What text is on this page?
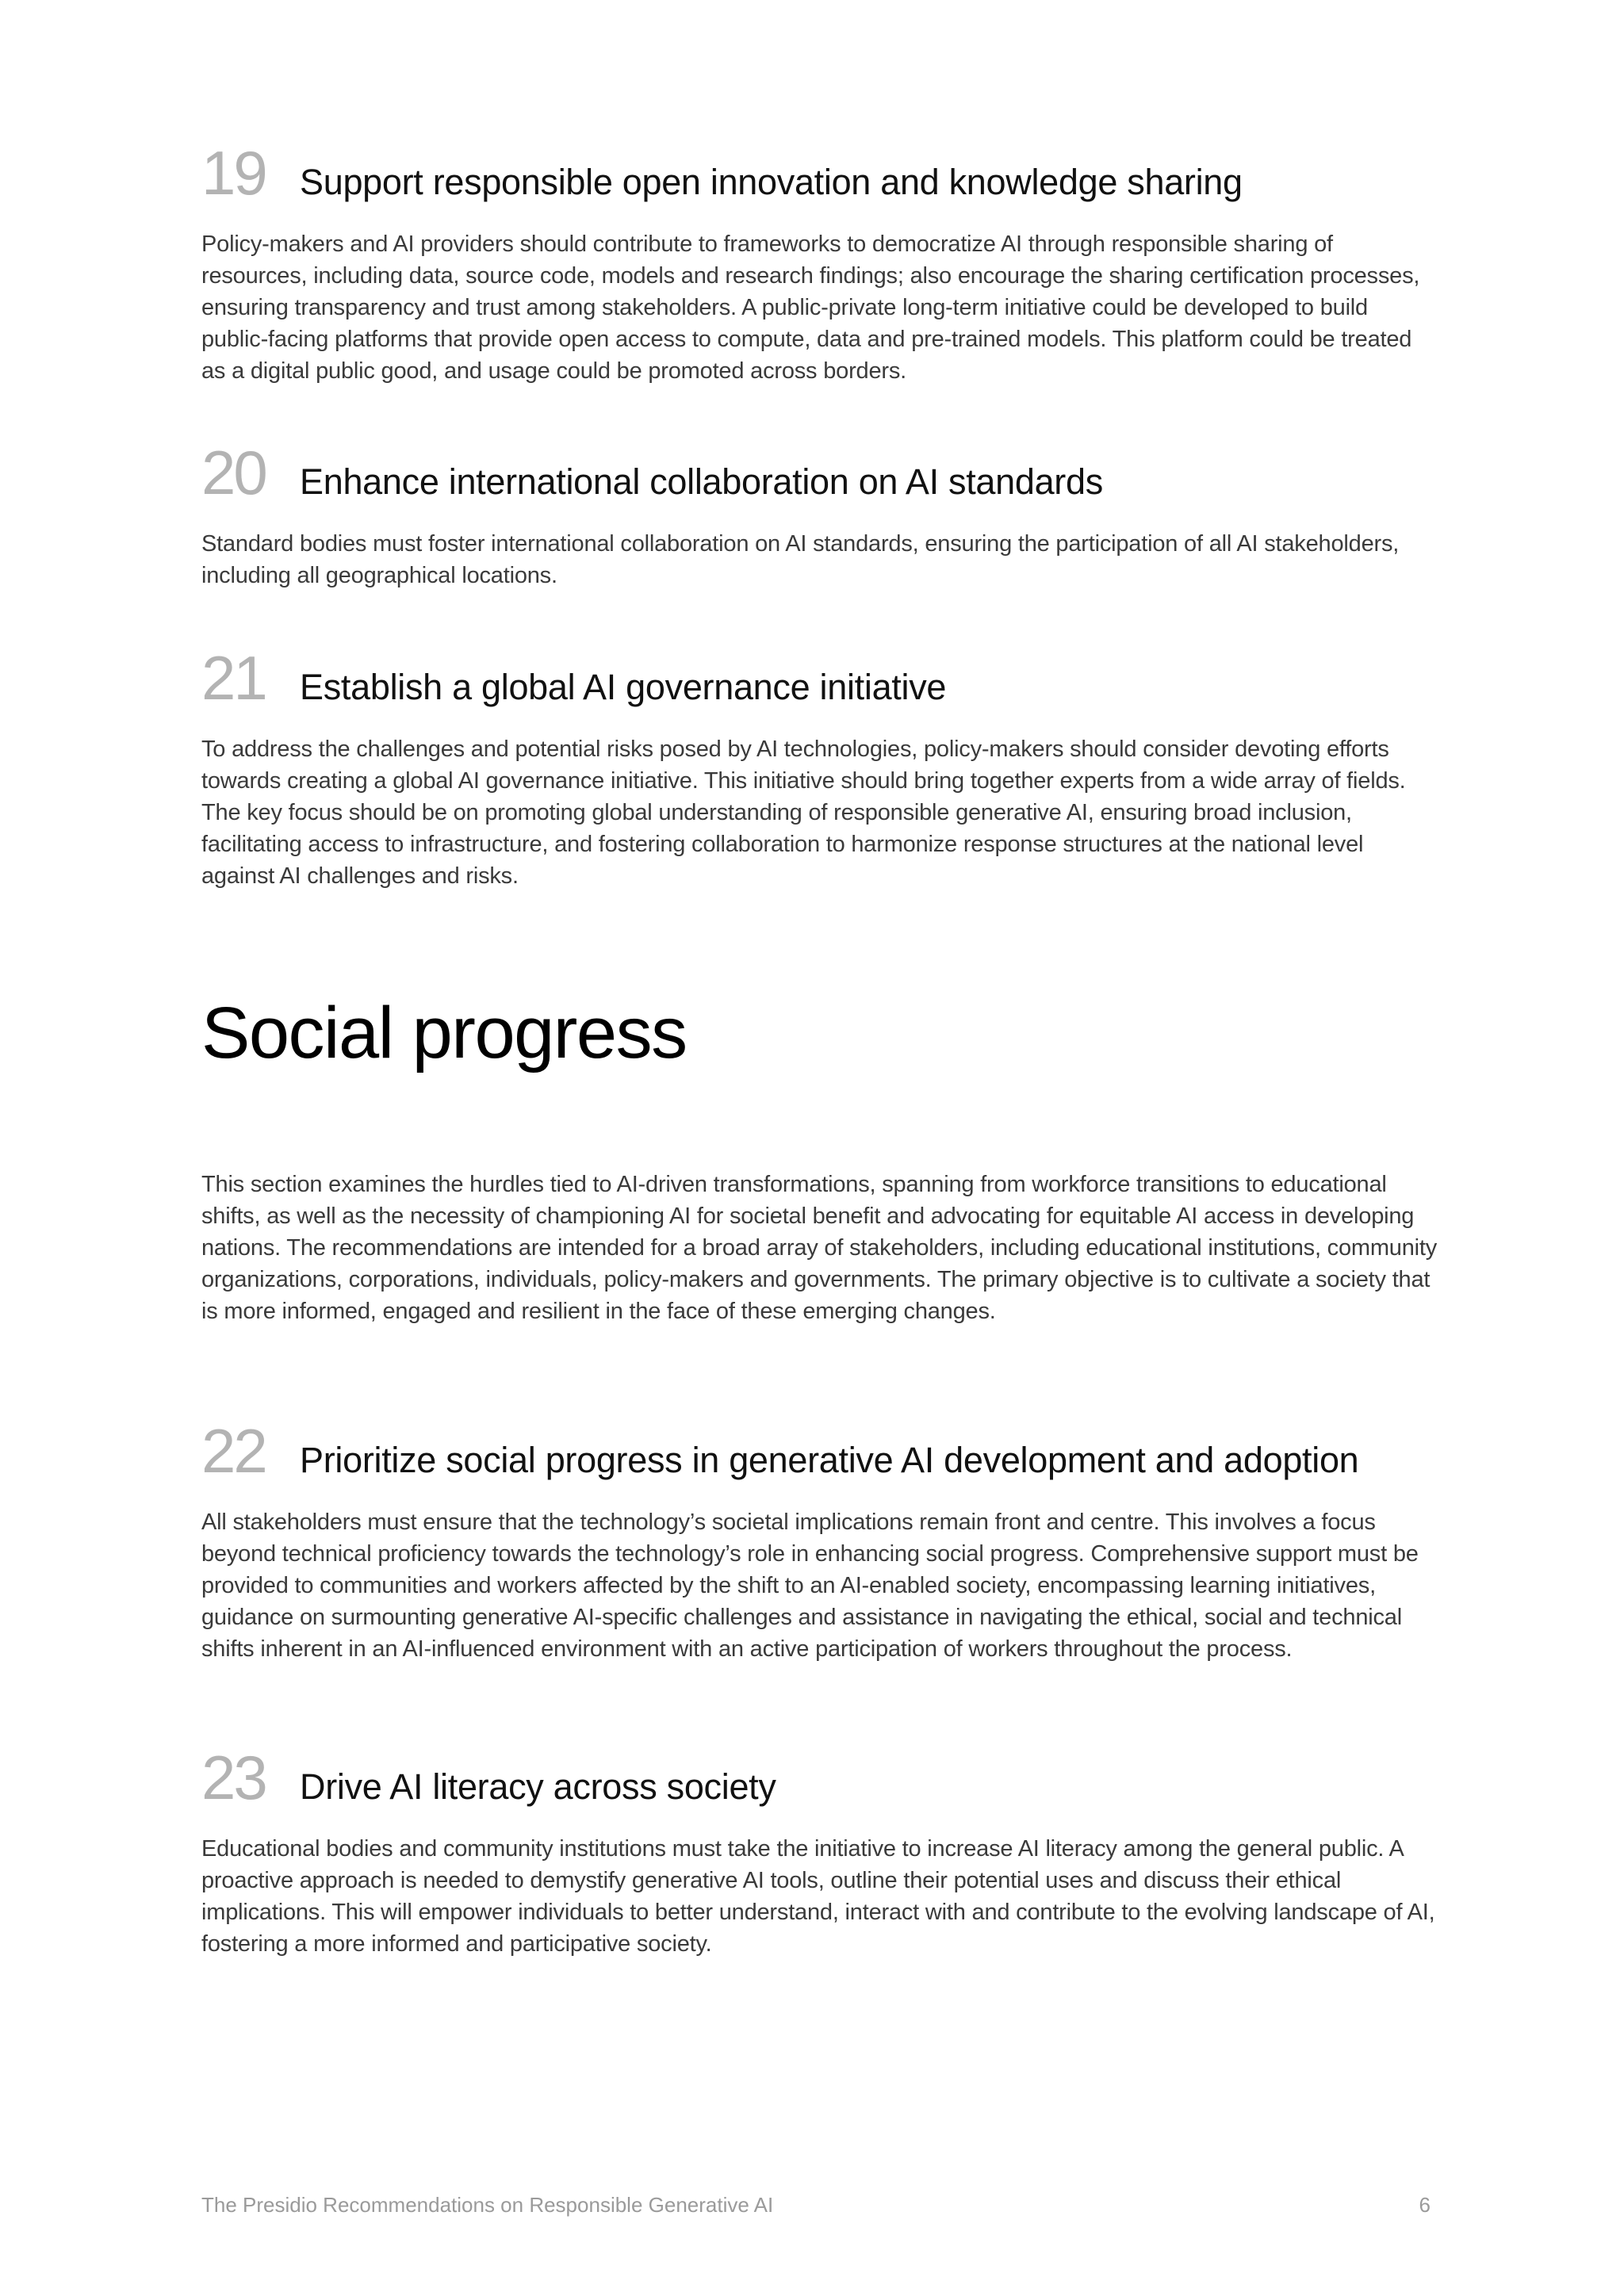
19 Support responsible open innovation and knowledge sharing

Policy-makers and AI providers should contribute to frameworks to democratize AI through responsible sharing of resources, including data, source code, models and research findings; also encourage the sharing certification processes, ensuring transparency and trust among stakeholders. A public-private long-term initiative could be developed to build public-facing platforms that provide open access to compute, data and pre-trained models. This platform could be treated as a digital public good, and usage could be promoted across borders.

20 Enhance international collaboration on AI standards

Standard bodies must foster international collaboration on AI standards, ensuring the participation of all AI stakeholders, including all geographical locations.

21 Establish a global AI governance initiative

To address the challenges and potential risks posed by AI technologies, policy-makers should consider devoting efforts towards creating a global AI governance initiative. This initiative should bring together experts from a wide array of fields. The key focus should be on promoting global understanding of responsible generative AI, ensuring broad inclusion, facilitating access to infrastructure, and fostering collaboration to harmonize response structures at the national level against AI challenges and risks.

Social progress

This section examines the hurdles tied to AI-driven transformations, spanning from workforce transitions to educational shifts, as well as the necessity of championing AI for societal benefit and advocating for equitable AI access in developing nations. The recommendations are intended for a broad array of stakeholders, including educational institutions, community organizations, corporations, individuals, policy-makers and governments. The primary objective is to cultivate a society that is more informed, engaged and resilient in the face of these emerging changes.

22 Prioritize social progress in generative AI development and adoption

All stakeholders must ensure that the technology’s societal implications remain front and centre. This involves a focus beyond technical proficiency towards the technology’s role in enhancing social progress. Comprehensive support must be provided to communities and workers affected by the shift to an AI-enabled society, encompassing learning initiatives, guidance on surmounting generative AI-specific challenges and assistance in navigating the ethical, social and technical shifts inherent in an AI-influenced environment with an active participation of workers throughout the process.

23 Drive AI literacy across society

Educational bodies and community institutions must take the initiative to increase AI literacy among the general public. A proactive approach is needed to demystify generative AI tools, outline their potential uses and discuss their ethical implications. This will empower individuals to better understand, interact with and contribute to the evolving landscape of AI, fostering a more informed and participative society.

The Presidio Recommendations on Responsible Generative AI	6
